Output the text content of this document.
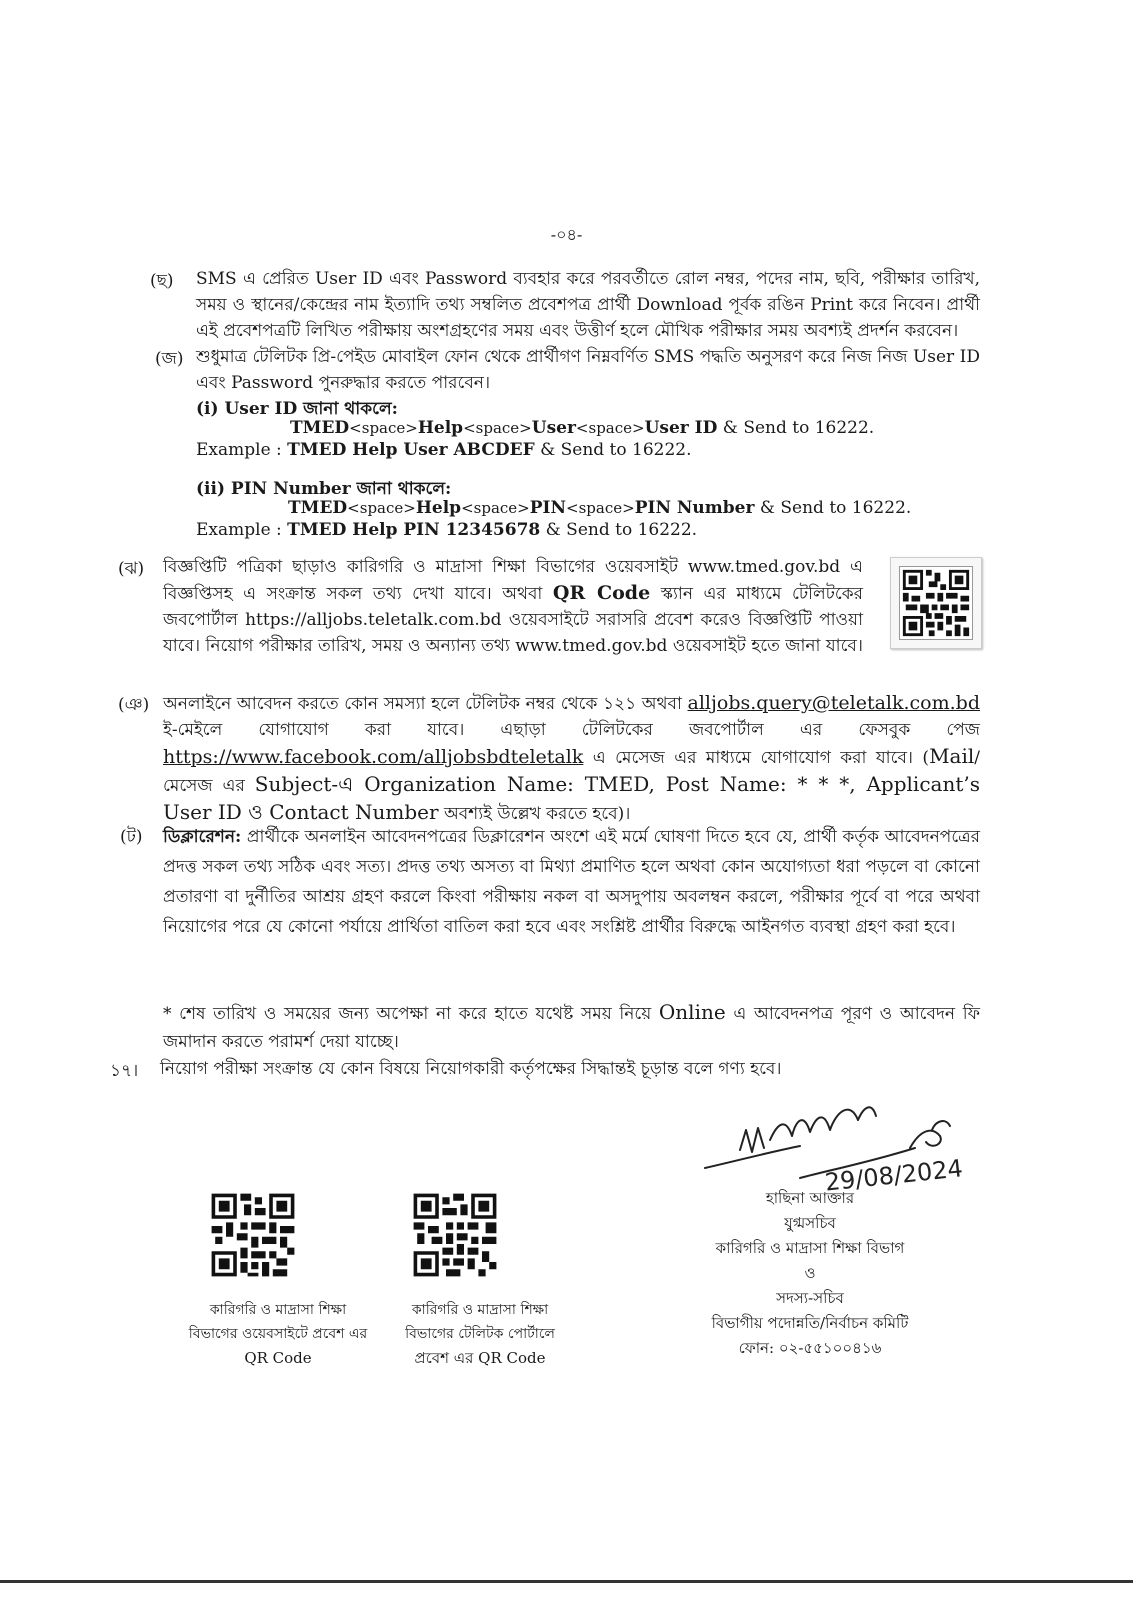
-০৪-
(ছ) SMS এ প্রেরিত User ID এবং Password ব্যবহার করে পরবর্তীতে রোল নম্বর, পদের নাম, ছবি, পরীক্ষার তারিখ, সময় ও স্থানের/কেন্দ্রের নাম ইত্যাদি তথ্য সম্বলিত প্রবেশপত্র প্রার্থী Download পূর্বক রঙিন Print করে নিবেন। প্রার্থী এই প্রবেশপত্রটি লিখিত পরীক্ষায় অংশগ্রহণের সময় এবং উত্তীর্ণ হলে মৌখিক পরীক্ষার সময় অবশ্যই প্রদর্শন করবেন।
(জ) শুধুমাত্র টেলিটক প্রি-পেইড মোবাইল ফোন থেকে প্রার্থীগণ নিম্নবর্ণিত SMS পদ্ধতি অনুসরণ করে নিজ নিজ User ID এবং Password পুনরুদ্ধার করতে পারবেন।
(i) User ID জানা থাকলে:
TMED<space>Help<space>User<space>User ID & Send to 16222.
Example : TMED Help User ABCDEF & Send to 16222.
(ii) PIN Number জানা থাকলে:
TMED<space>Help<space>PIN<space>PIN Number & Send to 16222.
Example : TMED Help PIN 12345678 & Send to 16222.
(ঝ) বিজ্ঞপ্তিটি পত্রিকা ছাড়াও কারিগরি ও মাদ্রাসা শিক্ষা বিভাগের ওয়েবসাইট www.tmed.gov.bd এ বিজ্ঞপ্তিসহ এ সংক্রান্ত সকল তথ্য দেখা যাবে। অথবা QR Code স্ক্যান এর মাধ্যমে টেলিটকের জবপোর্টাল https://alljobs.teletalk.com.bd ওয়েবসাইটে সরাসরি প্রবেশ করেও বিজ্ঞপ্তিটি পাওয়া যাবে। নিয়োগ পরীক্ষার তারিখ, সময় ও অন্যান্য তথ্য www.tmed.gov.bd ওয়েবসাইট হতে জানা যাবে।
(ঞ) অনলাইনে আবেদন করতে কোন সমস্যা হলে টেলিটক নম্বর থেকে ১২১ অথবা alljobs.query@teletalk.com.bd ই-মেইলে যোগাযোগ করা যাবে। এছাড়া টেলিটকের জবপোর্টাল এর ফেসবুক পেজ https://www.facebook.com/alljobsbdteletalk এ মেসেজ এর মাধ্যমে যোগাযোগ করা যাবে। (Mail/মেসেজ এর Subject-এ Organization Name: TMED, Post Name: * * *, Applicant’s User ID ও Contact Number অবশ্যই উল্লেখ করতে হবে)।
(ট) ডিক্লারেশন: প্রার্থীকে অনলাইন আবেদনপত্রের ডিক্লারেশন অংশে এই মর্মে ঘোষণা দিতে হবে যে, প্রার্থী কর্তৃক আবেদনপত্রের প্রদত্ত সকল তথ্য সঠিক এবং সত্য। প্রদত্ত তথ্য অসত্য বা মিথ্যা প্রমাণিত হলে অথবা কোন অযোগ্যতা ধরা পড়লে বা কোনো প্রতারণা বা দুর্নীতির আশ্রয় গ্রহণ করলে কিংবা পরীক্ষায় নকল বা অসদুপায় অবলম্বন করলে, পরীক্ষার পূর্বে বা পরে অথবা নিয়োগের পরে যে কোনো পর্যায়ে প্রার্থিতা বাতিল করা হবে এবং সংশ্লিষ্ট প্রার্থীর বিরুদ্ধে আইনগত ব্যবস্থা গ্রহণ করা হবে।
* শেষ তারিখ ও সময়ের জন্য অপেক্ষা না করে হাতে যথেষ্ট সময় নিয়ে Online এ আবেদনপত্র পূরণ ও আবেদন ফি জমাদান করতে পরামর্শ দেয়া যাচ্ছে।
১৭। নিয়োগ পরীক্ষা সংক্রান্ত যে কোন বিষয়ে নিয়োগকারী কর্তৃপক্ষের সিদ্ধান্তই চূড়ান্ত বলে গণ্য হবে।
কারিগরি ও মাদ্রাসা শিক্ষা
বিভাগের ওয়েবসাইটে প্রবেশ এর
QR Code
কারিগরি ও মাদ্রাসা শিক্ষা
বিভাগের টেলিটক পোর্টালে
প্রবেশ এর QR Code
29/08/2024
হাছিনা আক্তার
যুগ্মসচিব
কারিগরি ও মাদ্রাসা শিক্ষা বিভাগ
ও
সদস্য-সচিব
বিভাগীয় পদোন্নতি/নির্বাচন কমিটি
ফোন: ০২-৫৫১০০৪১৬
